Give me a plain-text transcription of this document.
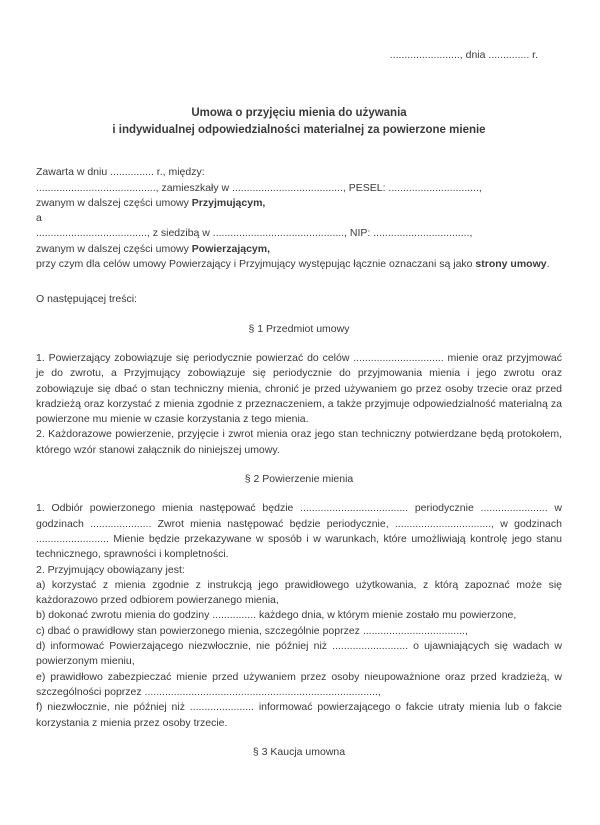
........................, dnia .............. r.
Umowa o przyjęciu mienia do używania
i indywidualnej odpowiedzialności materialnej za powierzone mienie
Zawarta w dniu ............... r., między:
........................................., zamieszkały w ......................................, PESEL: ...............................,
zwanym w dalszej części umowy Przyjmującym,
a
......................................, z siedzibą w ............................................., NIP: .................................,
zwanym w dalszej części umowy Powierzającym,
przy czym dla celów umowy Powierzający i Przyjmujący występując łącznie oznaczani są jako strony umowy.
O następującej treści:
§ 1 Przedmiot umowy
1. Powierzający zobowiązuje się periodycznie powierzać do celów ............................... mienie oraz przyjmować je do zwrotu, a Przyjmujący zobowiązuje się periodycznie do przyjmowania mienia i jego zwrotu oraz zobowiązuje się dbać o stan techniczny mienia, chronić je przed używaniem go przez osoby trzecie oraz przed kradzieżą oraz korzystać z mienia zgodnie z przeznaczeniem, a także przyjmuje odpowiedzialność materialną za powierzone mu mienie w czasie korzystania z tego mienia.
2. Każdorazowe powierzenie, przyjęcie i zwrot mienia oraz jego stan techniczny potwierdzane będą protokołem, którego wzór stanowi załącznik do niniejszej umowy.
§ 2 Powierzenie mienia
1. Odbiór powierzonego mienia następować będzie ..................................... periodycznie ....................... w godzinach ..................... Zwrot mienia następować będzie periodycznie, ................................., w godzinach ......................... Mienie będzie przekazywane w sposób i w warunkach, które umożliwiają kontrolę jego stanu technicznego, sprawności i kompletności.
2. Przyjmujący obowiązany jest:
a) korzystać z mienia zgodnie z instrukcją jego prawidłowego użytkowania, z którą zapoznać może się każdorazowo przed odbiorem powierzanego mienia,
b) dokonać zwrotu mienia do godziny ............... każdego dnia, w którym mienie zostało mu powierzone,
c) dbać o prawidłowy stan powierzonego mienia, szczególnie poprzez ...................................,
d) informować Powierzającego niezwłocznie, nie później niż .......................... o ujawniających się wadach w powierzonym mieniu,
e) prawidłowo zabezpieczać mienie przed używaniem przez osoby nieupoważnione oraz przed kradzieżą, w szczególności poprzez ................................................................................,
f) niezwłocznie, nie później niż ...................... informować powierzającego o fakcie utraty mienia lub o fakcie korzystania z mienia przez osoby trzecie.
§ 3 Kaucja umowna
